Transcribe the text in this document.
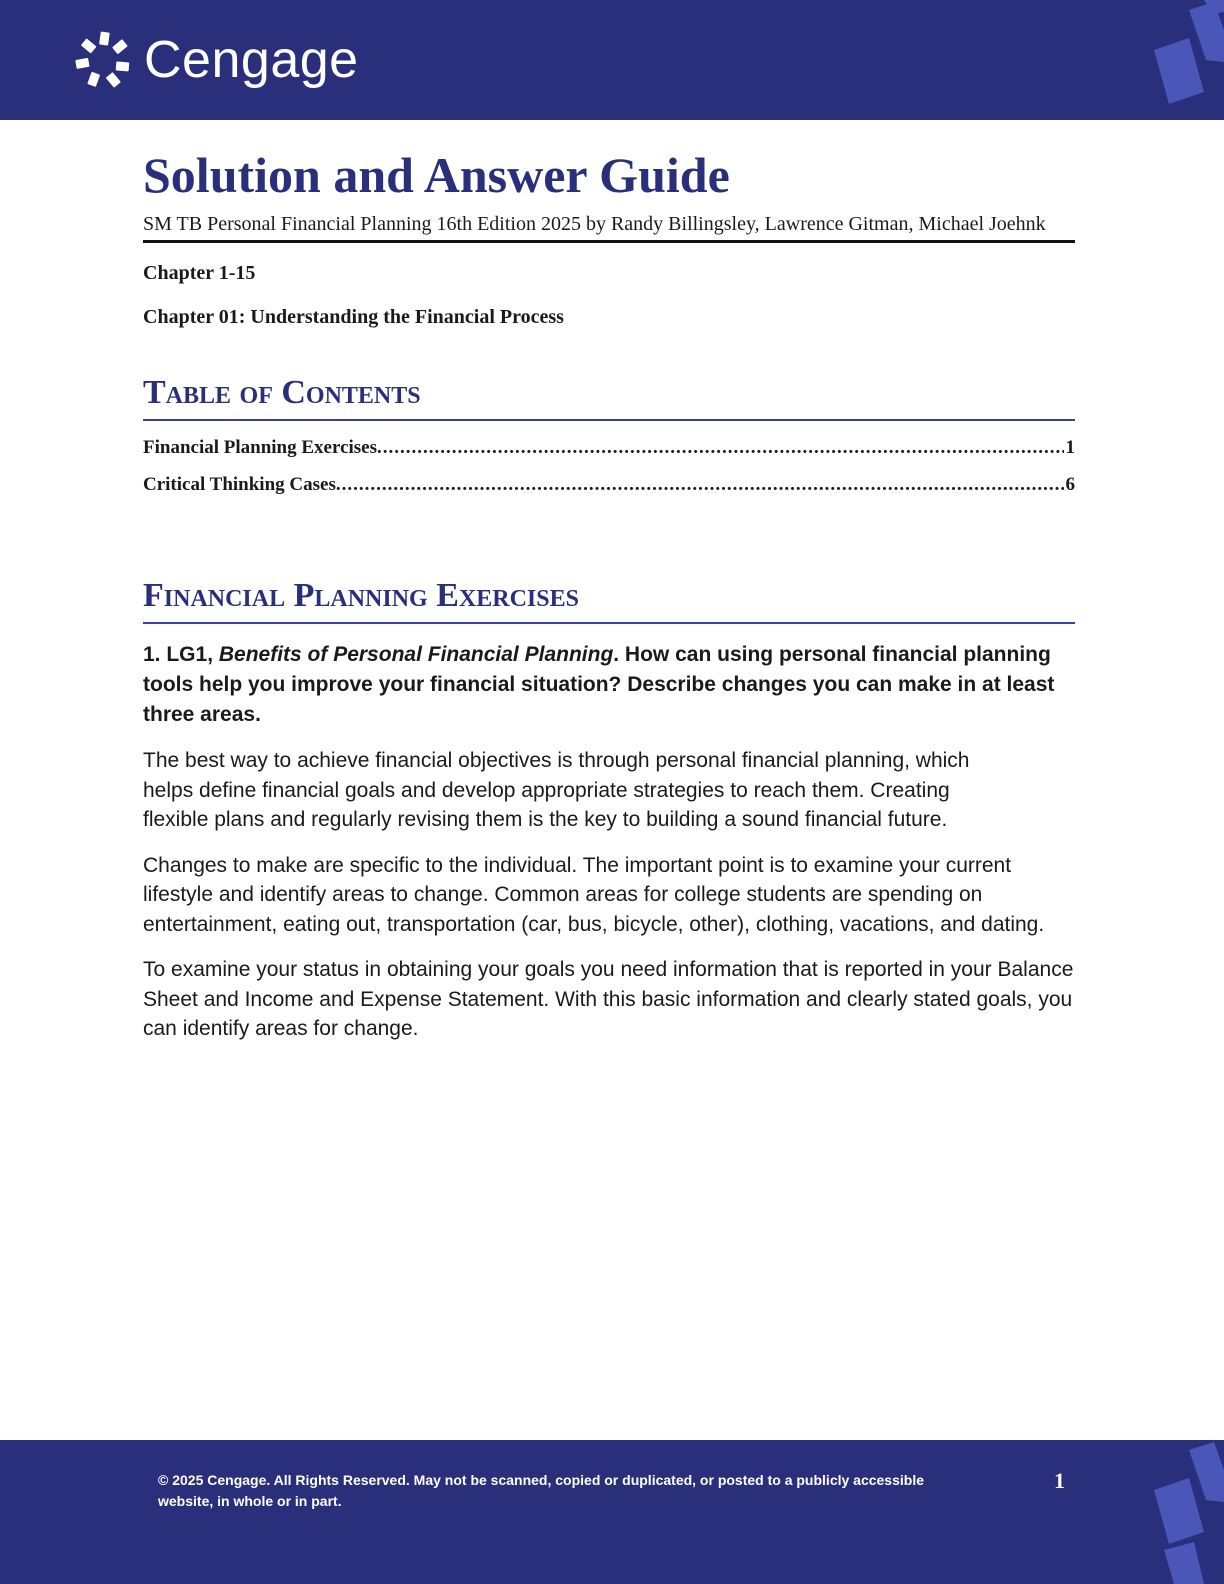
Cengage
Solution and Answer Guide

SM TB Personal Financial Planning 16th Edition 2025 by Randy Billingsley, Lawrence Gitman, Michael Joehnk

Chapter 1-15

Chapter 01: Understanding the Financial Process

Table of Contents
Financial Planning Exercises .....	1
Critical Thinking Cases .....	6
Financial Planning Exercises

1. LG1, Benefits of Personal Financial Planning. How can using personal financial planning tools help you improve your financial situation? Describe changes you can make in at least three areas.

The best way to achieve financial objectives is through personal financial planning, which helps define financial goals and develop appropriate strategies to reach them. Creating flexible plans and regularly revising them is the key to building a sound financial future.

Changes to make are specific to the individual. The important point is to examine your current lifestyle and identify areas to change. Common areas for college students are spending on entertainment, eating out, transportation (car, bus, bicycle, other), clothing, vacations, and dating.

To examine your status in obtaining your goals you need information that is reported in your Balance Sheet and Income and Expense Statement. With this basic information and clearly stated goals, you can identify areas for change.

© 2025 Cengage. All Rights Reserved. May not be scanned, copied or duplicated, or posted to a publicly accessible website, in whole or in part.
1
